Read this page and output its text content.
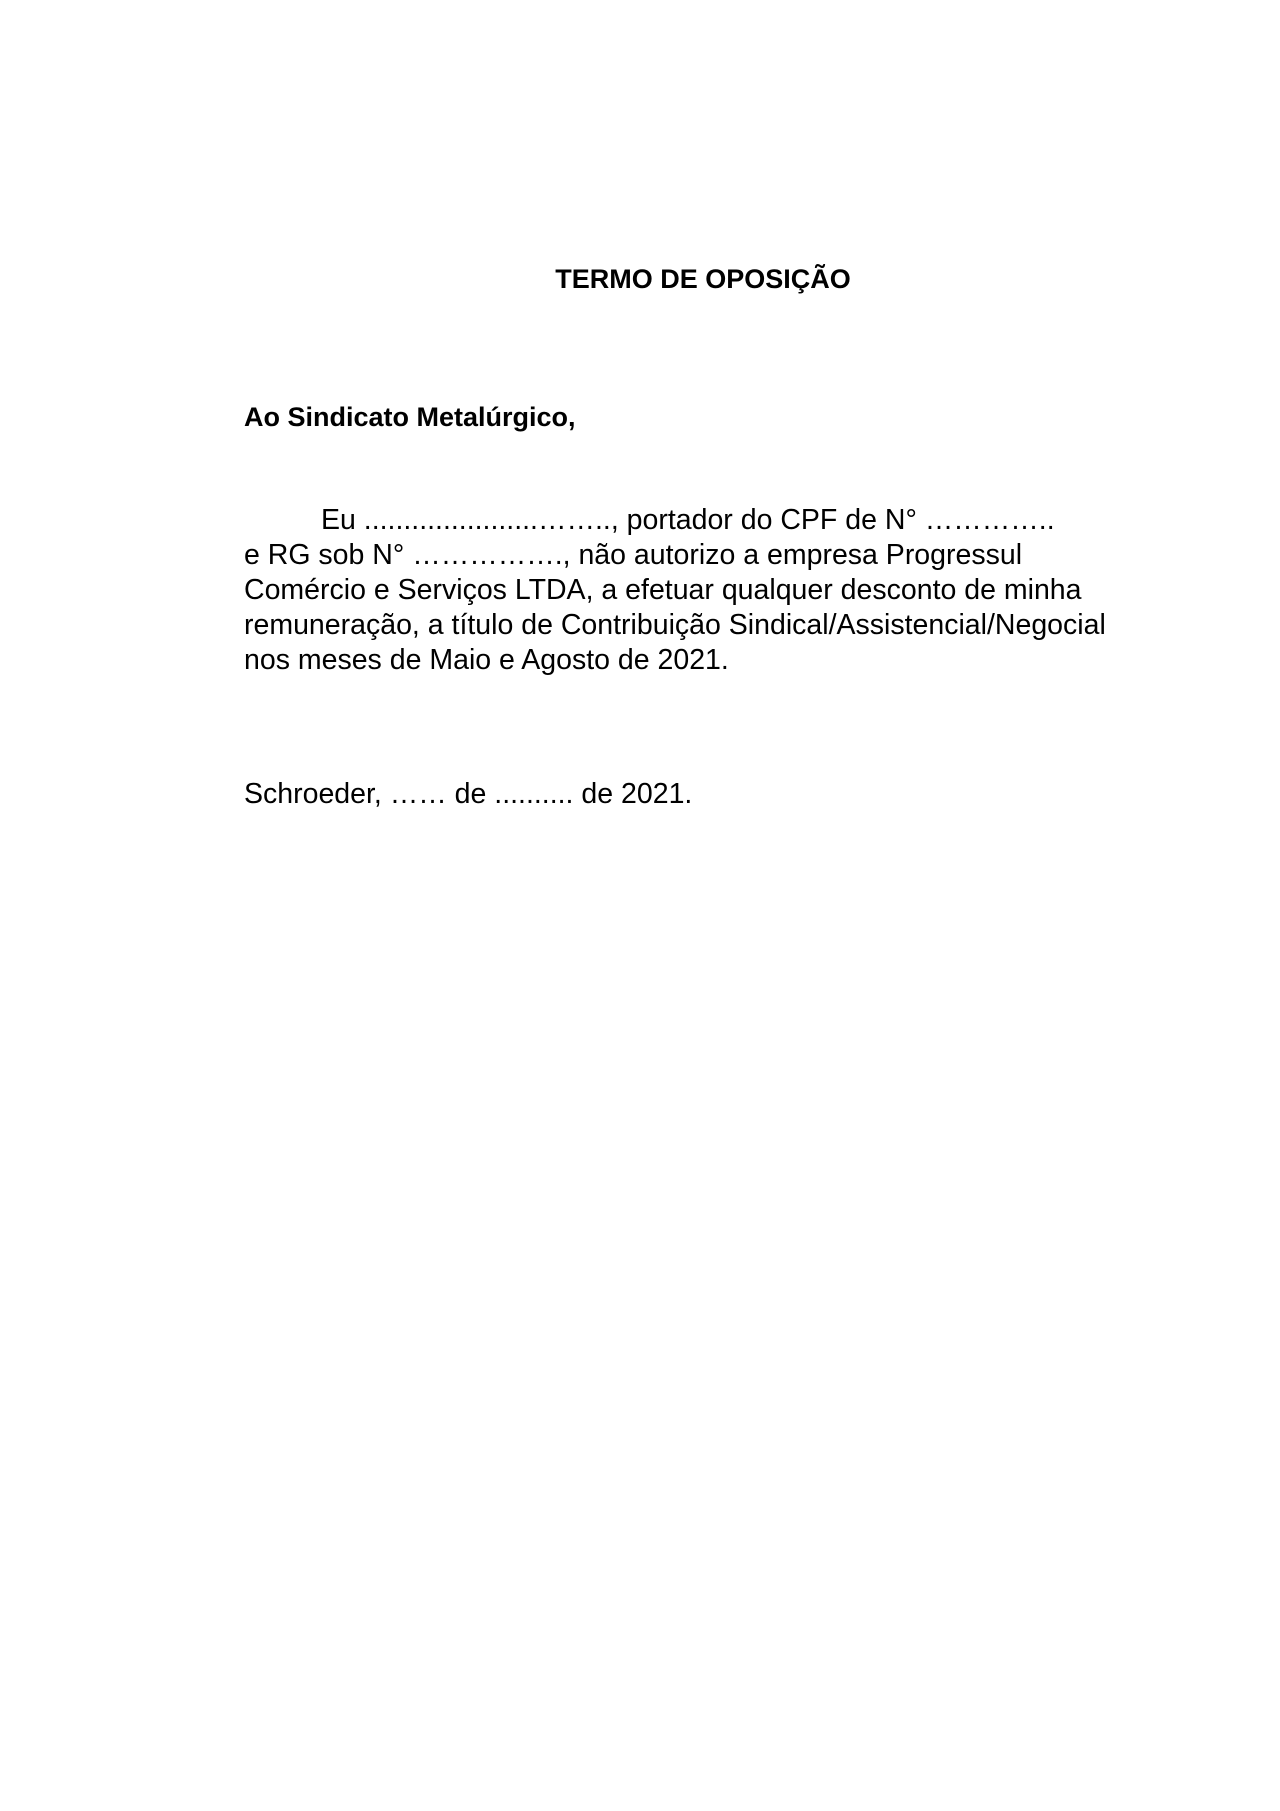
TERMO DE OPOSIÇÃO
Ao Sindicato Metalúrgico,
Eu ......................…….., portador do CPF de N° …………..
e RG sob N° ……………., não autorizo a empresa Progressul
Comércio e Serviços LTDA, a efetuar qualquer desconto de minha
remuneração, a título de Contribuição Sindical/Assistencial/Negocial
nos meses de Maio e Agosto de 2021.
Schroeder, …… de .......... de 2021.
